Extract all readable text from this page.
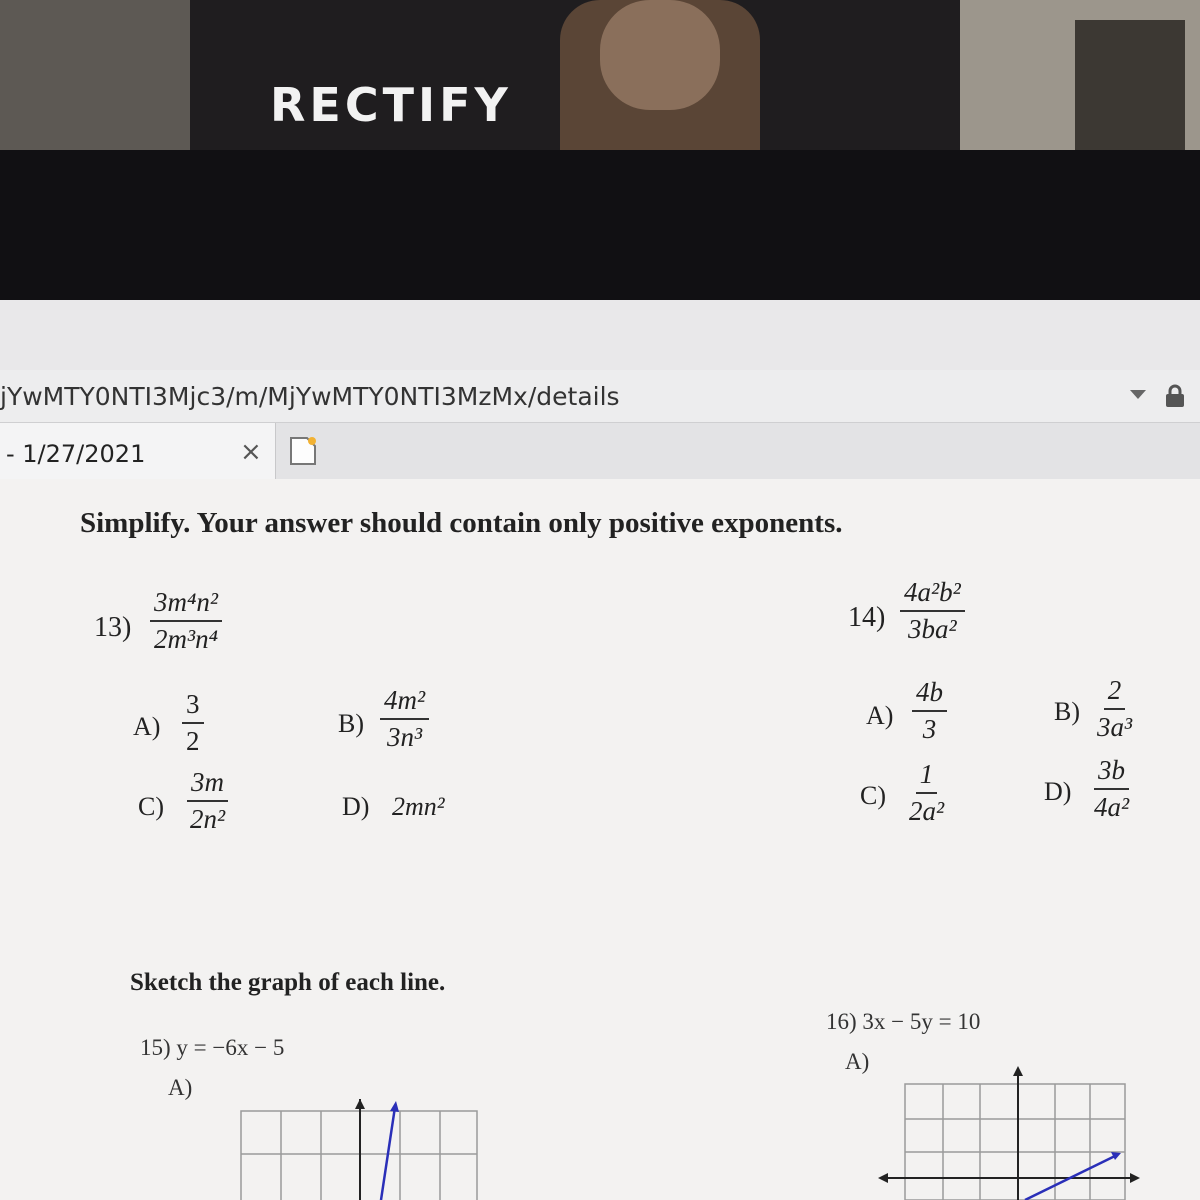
RECTIFY
jYwMTY0NTI3Mjc3/m/MjYwMTY0NTI3MzMx/details
- 1/27/2021	×
Simplify. Your answer should contain only positive exponents.
$13) \frac{\text{3m⁴n²}}{\text{2m³n⁴}}$
$A) \frac{3}{2}$	$B) \frac{\text{4m²}}{\text{3n³}}$
$C) \frac{3m}{\text{2n²}}$	D) 2mn²
$14) \frac{\text{4a²b²}}{\text{3ba²}}$
$A) \frac{4b}{3}$	$B) \frac{2}{\text{3a³}}$
$C) \frac{1}{\text{2a²}}$	$D) \frac{3b}{\text{4a²}}$
Sketch the graph of each line.
15) y = −6x − 5
A)
16) 3x − 5y = 10
A)
